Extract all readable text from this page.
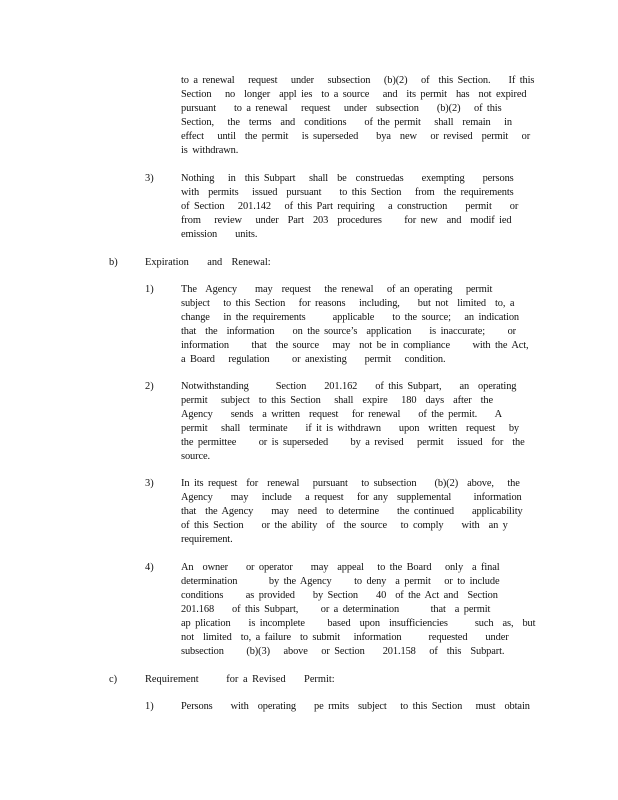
to a renewal   request   under   subsection   (b)(2)   of  this Section.    If this
Section   no  longer  appl ies  to a source   and  its permit  has  not expired
pursuant    to a renewal   request   under  subsection    (b)(2)   of this
Section,   the  terms  and  conditions    of the permit   shall  remain   in
effect   until  the permit   is superseded    bya  new   or revised  permit   or
is withdrawn.
3)	Nothing   in  this Subpart   shall  be  construedas    exempting    persons
with  permits   issued  pursuant    to this Section   from  the requirements
of Section   201.142   of this Part requiring   a construction    permit    or
from   review   under  Part  203  procedures     for new  and  modif ied
emission    units.
b)	Expiration    and  Renewal:
1)	The  Agency    may  request   the renewal   of an operating   permit
subject   to this Section   for reasons   including,    but not  limited  to, a
change   in the requirements      applicable    to the source;   an indication
that  the  information    on the source’s  application    is inaccurate;     or
information     that  the source   may  not be in compliance     with the Act,
a Board   regulation     or anexisting    permit   condition.
2)	Notwithstanding      Section    201.162    of this Subpart,    an  operating
permit   subject  to this Section   shall  expire   180  days  after  the
Agency    sends  a written  request   for renewal    of the permit.    A
permit   shall  terminate    if it is withdrawn    upon  written  request   by
the permittee     or is superseded     by a revised   permit   issued  for  the
source.
3)	In its request  for  renewal   pursuant   to subsection    (b)(2)  above,   the
Agency    may   include   a request   for any  supplemental     information
that  the Agency    may  need  to determine    the continued    applicability
of this Section    or the ability  of  the source   to comply    with  an y
requirement.
4)	An  owner    or operator    may  appeal   to the Board   only  a final
determination       by the Agency     to deny  a permit   or to include
conditions     as provided    by Section    40  of the Act and  Section
201.168    of this Subpart,     or a determination       that  a permit
ap plication    is incomplete     based  upon  insufficiencies      such  as,  but
not  limited  to, a failure  to submit   information      requested    under
subsection     (b)(3)   above   or Section    201.158   of  this  Subpart.
c)	Requirement      for a Revised    Permit:
1)	Persons    with  operating    pe rmits  subject   to this Section   must  obtain
